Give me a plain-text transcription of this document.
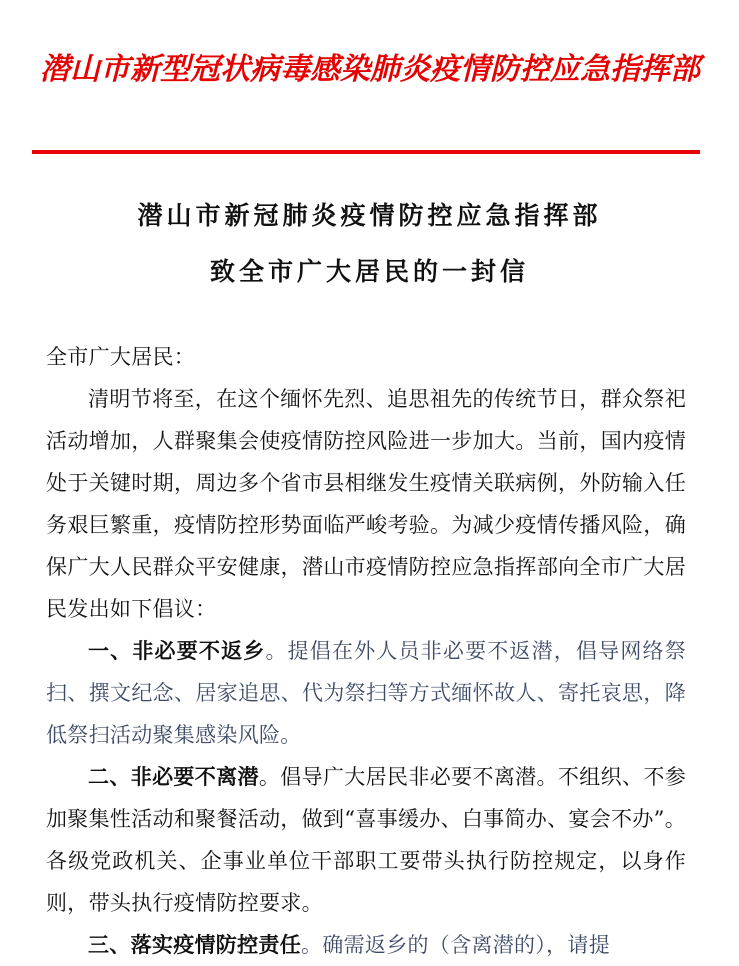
潜山市新型冠状病毒感染肺炎疫情防控应急指挥部
潜山市新冠肺炎疫情防控应急指挥部
致全市广大居民的一封信

全市广大居民：

清明节将至，在这个缅怀先烈、追思祖先的传统节日，群众祭祀活动增加，人群聚集会使疫情防控风险进一步加大。当前，国内疫情处于关键时期，周边多个省市县相继发生疫情关联病例，外防输入任务艰巨繁重，疫情防控形势面临严峻考验。为减少疫情传播风险，确保广大人民群众平安健康，潜山市疫情防控应急指挥部向全市广大居民发出如下倡议：

一、非必要不返乡。提倡在外人员非必要不返潜，倡导网络祭扫、撰文纪念、居家追思、代为祭扫等方式缅怀故人、寄托哀思，降低祭扫活动聚集感染风险。

二、非必要不离潜。倡导广大居民非必要不离潜。不组织、不参加聚集性活动和聚餐活动，做到“喜事缓办、白事简办、宴会不办”。各级党政机关、企事业单位干部职工要带头执行防控规定，以身作则，带头执行疫情防控要求。

三、落实疫情防控责任。确需返乡的（含离潜的），请提
